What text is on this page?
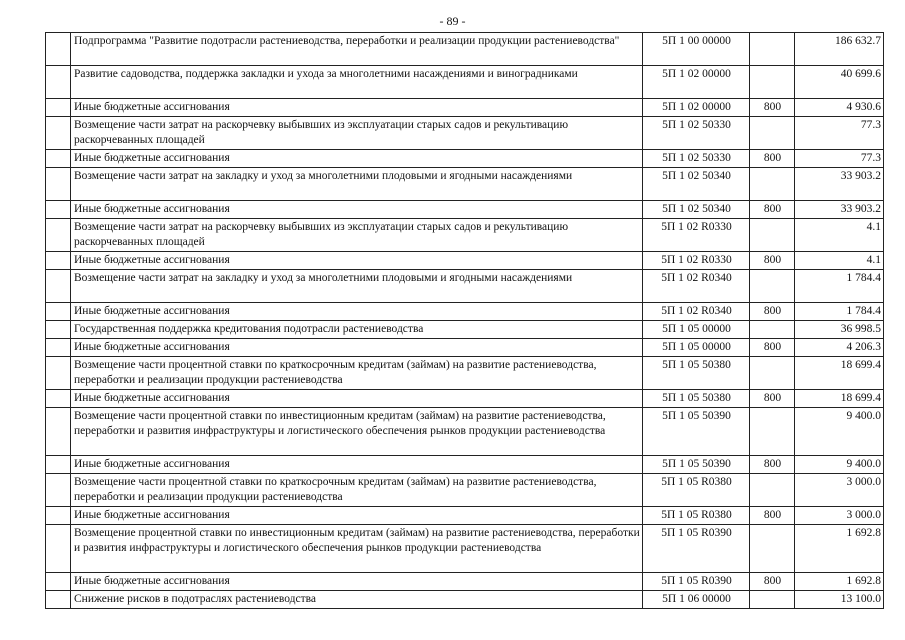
- 89 -
	Подпрограмма "Развитие подотрасли растениеводства, переработки и реализации продукции растениеводства"	5П 1 00 00000		186 632.7
	Развитие садоводства, поддержка закладки и ухода за многолетними насаждениями и виноградниками	5П 1 02 00000		40 699.6
	Иные бюджетные ассигнования	5П 1 02 00000	800	4 930.6
	Возмещение части затрат на раскорчевку выбывших из эксплуатации старых садов и рекультивацию раскорчеванных площадей	5П 1 02 50330		77.3
	Иные бюджетные ассигнования	5П 1 02 50330	800	77.3
	Возмещение части затрат на закладку и уход за многолетними плодовыми и ягодными насаждениями	5П 1 02 50340		33 903.2
	Иные бюджетные ассигнования	5П 1 02 50340	800	33 903.2
	Возмещение части затрат на раскорчевку выбывших из эксплуатации старых садов и рекультивацию раскорчеванных площадей	5П 1 02 R0330		4.1
	Иные бюджетные ассигнования	5П 1 02 R0330	800	4.1
	Возмещение части затрат на закладку и уход за многолетними плодовыми и ягодными насаждениями	5П 1 02 R0340		1 784.4
	Иные бюджетные ассигнования	5П 1 02 R0340	800	1 784.4
	Государственная поддержка кредитования подотрасли растениеводства	5П 1 05 00000		36 998.5
	Иные бюджетные ассигнования	5П 1 05 00000	800	4 206.3
	Возмещение части процентной ставки по краткосрочным кредитам (займам) на развитие растениеводства, переработки и реализации продукции растениеводства	5П 1 05 50380		18 699.4
	Иные бюджетные ассигнования	5П 1 05 50380	800	18 699.4
	Возмещение части процентной ставки по инвестиционным кредитам (займам) на развитие растениеводства, переработки и развития инфраструктуры и логистического обеспечения рынков продукции растениеводства	5П 1 05 50390		9 400.0
	Иные бюджетные ассигнования	5П 1 05 50390	800	9 400.0
	Возмещение части процентной ставки по краткосрочным кредитам (займам) на развитие растениеводства, переработки и реализации продукции растениеводства	5П 1 05 R0380		3 000.0
	Иные бюджетные ассигнования	5П 1 05 R0380	800	3 000.0
	Возмещение процентной ставки по инвестиционным кредитам (займам) на развитие растениеводства, переработки и развития инфраструктуры и логистического обеспечения рынков продукции растениеводства	5П 1 05 R0390		1 692.8
	Иные бюджетные ассигнования	5П 1 05 R0390	800	1 692.8
	Снижение рисков в подотраслях растениеводства	5П 1 06 00000		13 100.0
